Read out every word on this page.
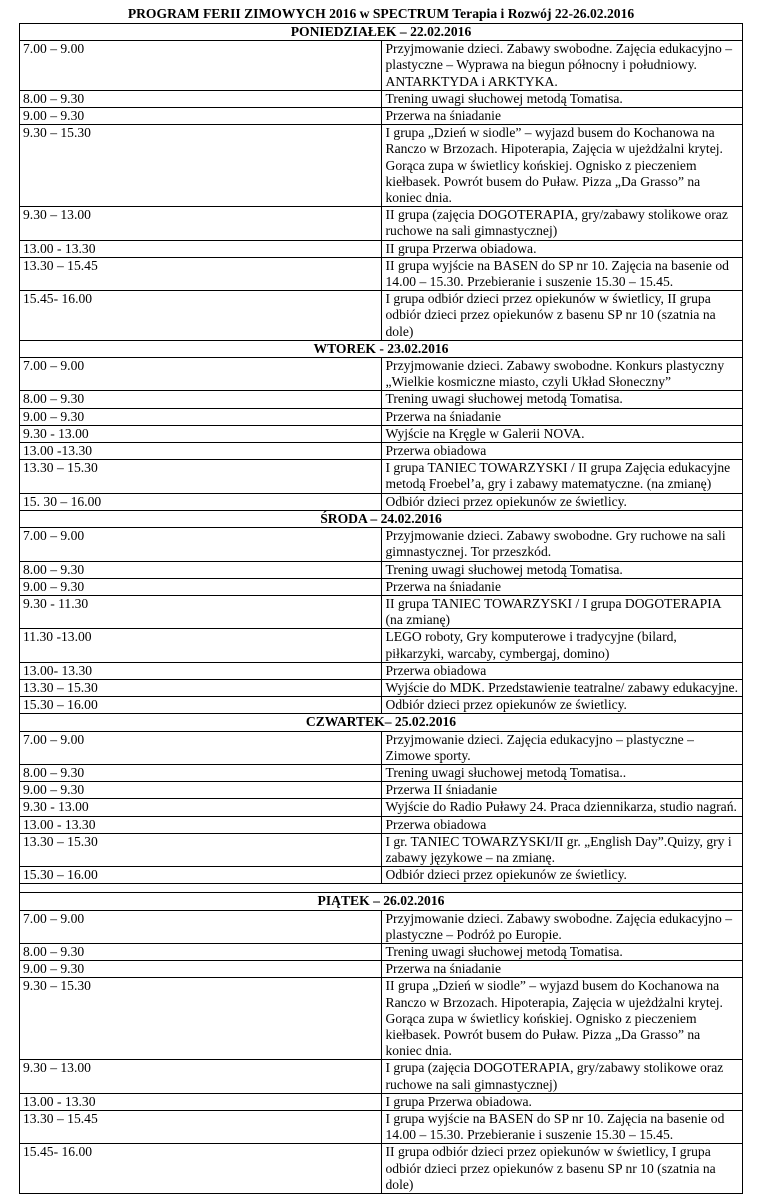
PROGRAM FERII ZIMOWYCH 2016 w SPECTRUM Terapia i Rozwój 22-26.02.2016
PONIEDZIAŁEK – 22.02.2016	
7.00 – 9.00	Przyjmowanie dzieci. Zabawy swobodne. Zajęcia edukacyjno – plastyczne – Wyprawa na biegun północny i południowy. ANTARKTYDA i ARKTYKA.
8.00 – 9.30	Trening uwagi słuchowej metodą Tomatisa.
9.00 – 9.30	Przerwa na śniadanie
9.30 – 15.30	I grupa „Dzień w siodle” – wyjazd busem do Kochanowa na Ranczo w Brzozach. Hipoterapia, Zajęcia w ujeżdżalni krytej. Gorąca zupa w świetlicy końskiej. Ognisko z pieczeniem kiełbasek. Powrót busem do Puław. Pizza „Da Grasso” na koniec dnia.
9.30 – 13.00	II grupa (zajęcia DOGOTERAPIA, gry/zabawy stolikowe oraz ruchowe na sali gimnastycznej)
13.00 - 13.30	II grupa Przerwa obiadowa.
13.30 – 15.45	II grupa wyjście na BASEN do SP nr 10. Zajęcia na basenie od 14.00 – 15.30. Przebieranie i suszenie 15.30 – 15.45.
15.45- 16.00	I grupa odbiór dzieci przez opiekunów w świetlicy, II grupa odbiór dzieci przez opiekunów z basenu SP nr 10 (szatnia na dole)
WTOREK - 23.02.2016	
7.00 – 9.00	Przyjmowanie dzieci. Zabawy swobodne. Konkurs plastyczny „Wielkie kosmiczne miasto, czyli Układ Słoneczny”
8.00 – 9.30	Trening uwagi słuchowej metodą Tomatisa.
9.00 – 9.30	Przerwa na śniadanie
9.30 - 13.00	Wyjście na Kręgle w Galerii NOVA.
13.00 -13.30	Przerwa obiadowa
13.30 – 15.30	I grupa TANIEC TOWARZYSKI / II grupa Zajęcia edukacyjne metodą Froebel’a, gry i zabawy matematyczne. (na zmianę)
15. 30 – 16.00	Odbiór dzieci przez opiekunów ze świetlicy.
ŚRODA – 24.02.2016	
7.00 – 9.00	Przyjmowanie dzieci. Zabawy swobodne. Gry ruchowe na sali gimnastycznej. Tor przeszkód.
8.00 – 9.30	Trening uwagi słuchowej metodą Tomatisa.
9.00 – 9.30	Przerwa na śniadanie
9.30 - 11.30	II grupa TANIEC TOWARZYSKI / I grupa DOGOTERAPIA (na zmianę)
11.30 -13.00	LEGO roboty, Gry komputerowe i tradycyjne (bilard, piłkarzyki, warcaby, cymbergaj, domino)
13.00- 13.30	Przerwa obiadowa
13.30 – 15.30	Wyjście do MDK. Przedstawienie teatralne/ zabawy edukacyjne.
15.30 – 16.00	Odbiór dzieci przez opiekunów ze świetlicy.
CZWARTEK– 25.02.2016	
7.00 – 9.00	Przyjmowanie dzieci. Zajęcia edukacyjno – plastyczne – Zimowe sporty.
8.00 – 9.30	Trening uwagi słuchowej metodą Tomatisa..
9.00 – 9.30	Przerwa II śniadanie
9.30 - 13.00	Wyjście do Radio Puławy 24. Praca dziennikarza, studio nagrań.
13.00 - 13.30	Przerwa obiadowa
13.30 – 15.30	I gr. TANIEC TOWARZYSKI/II gr. „English Day”.Quizy, gry i zabawy językowe – na zmianę.
15.30 – 16.00	Odbiór dzieci przez opiekunów ze świetlicy.

PIĄTEK – 26.02.2016	
7.00 – 9.00	Przyjmowanie dzieci. Zabawy swobodne. Zajęcia edukacyjno – plastyczne – Podróż po Europie.
8.00 – 9.30	Trening uwagi słuchowej metodą Tomatisa.
9.00 – 9.30	Przerwa na śniadanie
9.30 – 15.30	II grupa „Dzień w siodle” – wyjazd busem do Kochanowa na Ranczo w Brzozach. Hipoterapia, Zajęcia w ujeżdżalni krytej. Gorąca zupa w świetlicy końskiej. Ognisko z pieczeniem kiełbasek. Powrót busem do Puław. Pizza „Da Grasso” na koniec dnia.
9.30 – 13.00	I grupa (zajęcia DOGOTERAPIA, gry/zabawy stolikowe oraz ruchowe na sali gimnastycznej)
13.00 - 13.30	I grupa Przerwa obiadowa.
13.30 – 15.45	I grupa wyjście na BASEN do SP nr 10. Zajęcia na basenie od 14.00 – 15.30. Przebieranie i suszenie 15.30 – 15.45.
15.45- 16.00	II grupa odbiór dzieci przez opiekunów w świetlicy, I grupa odbiór dzieci przez opiekunów z basenu SP nr 10 (szatnia na dole)
